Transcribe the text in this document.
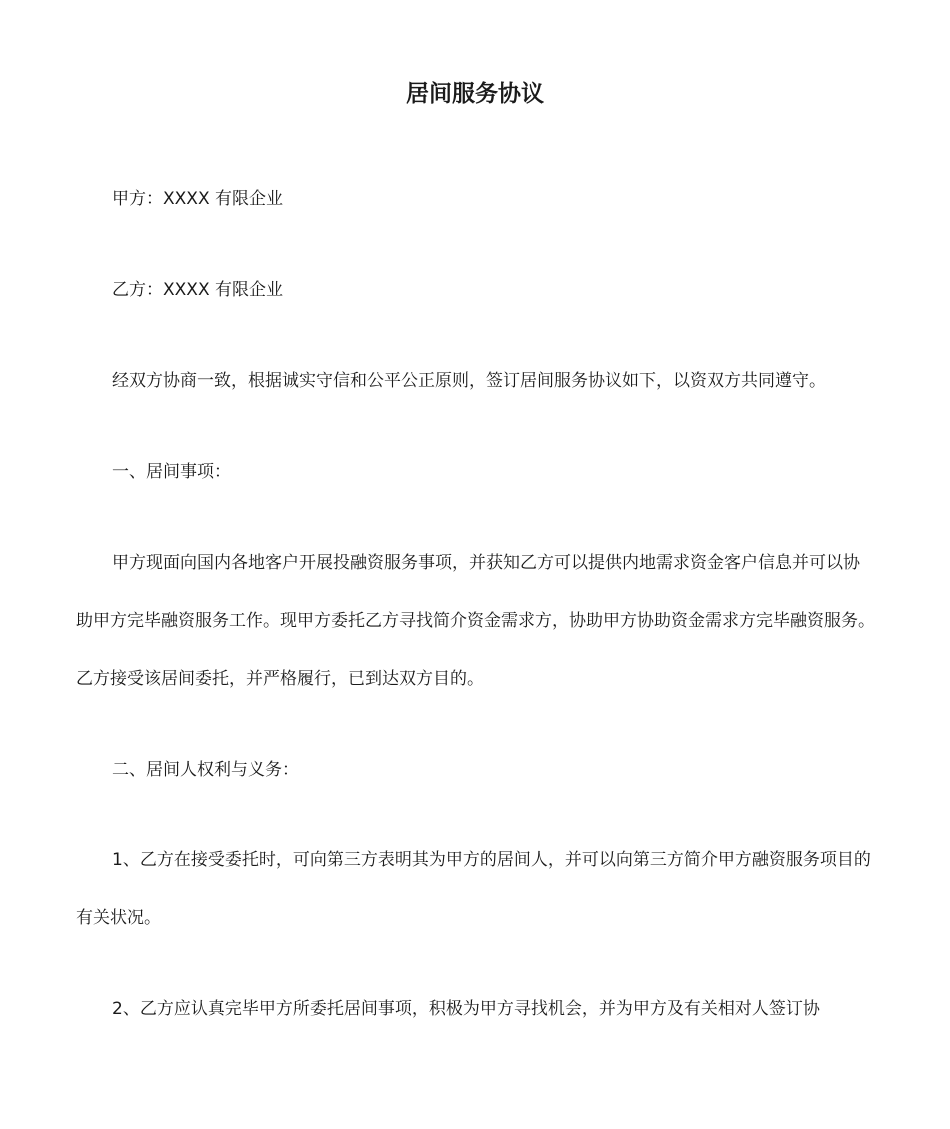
居间服务协议

甲方：XXXX 有限企业

乙方：XXXX 有限企业

经双方协商一致，根据诚实守信和公平公正原则，签订居间服务协议如下，以资双方共同遵守。

一、居间事项：

甲方现面向国内各地客户开展投融资服务事项，并获知乙方可以提供内地需求资金客户信息并可以协助甲方完毕融资服务工作。现甲方委托乙方寻找简介资金需求方，协助甲方协助资金需求方完毕融资服务。乙方接受该居间委托，并严格履行，已到达双方目的。

二、居间人权利与义务：

1、乙方在接受委托时，可向第三方表明其为甲方的居间人，并可以向第三方简介甲方融资服务项目的有关状况。

2、乙方应认真完毕甲方所委托居间事项，积极为甲方寻找机会，并为甲方及有关相对人签订协
